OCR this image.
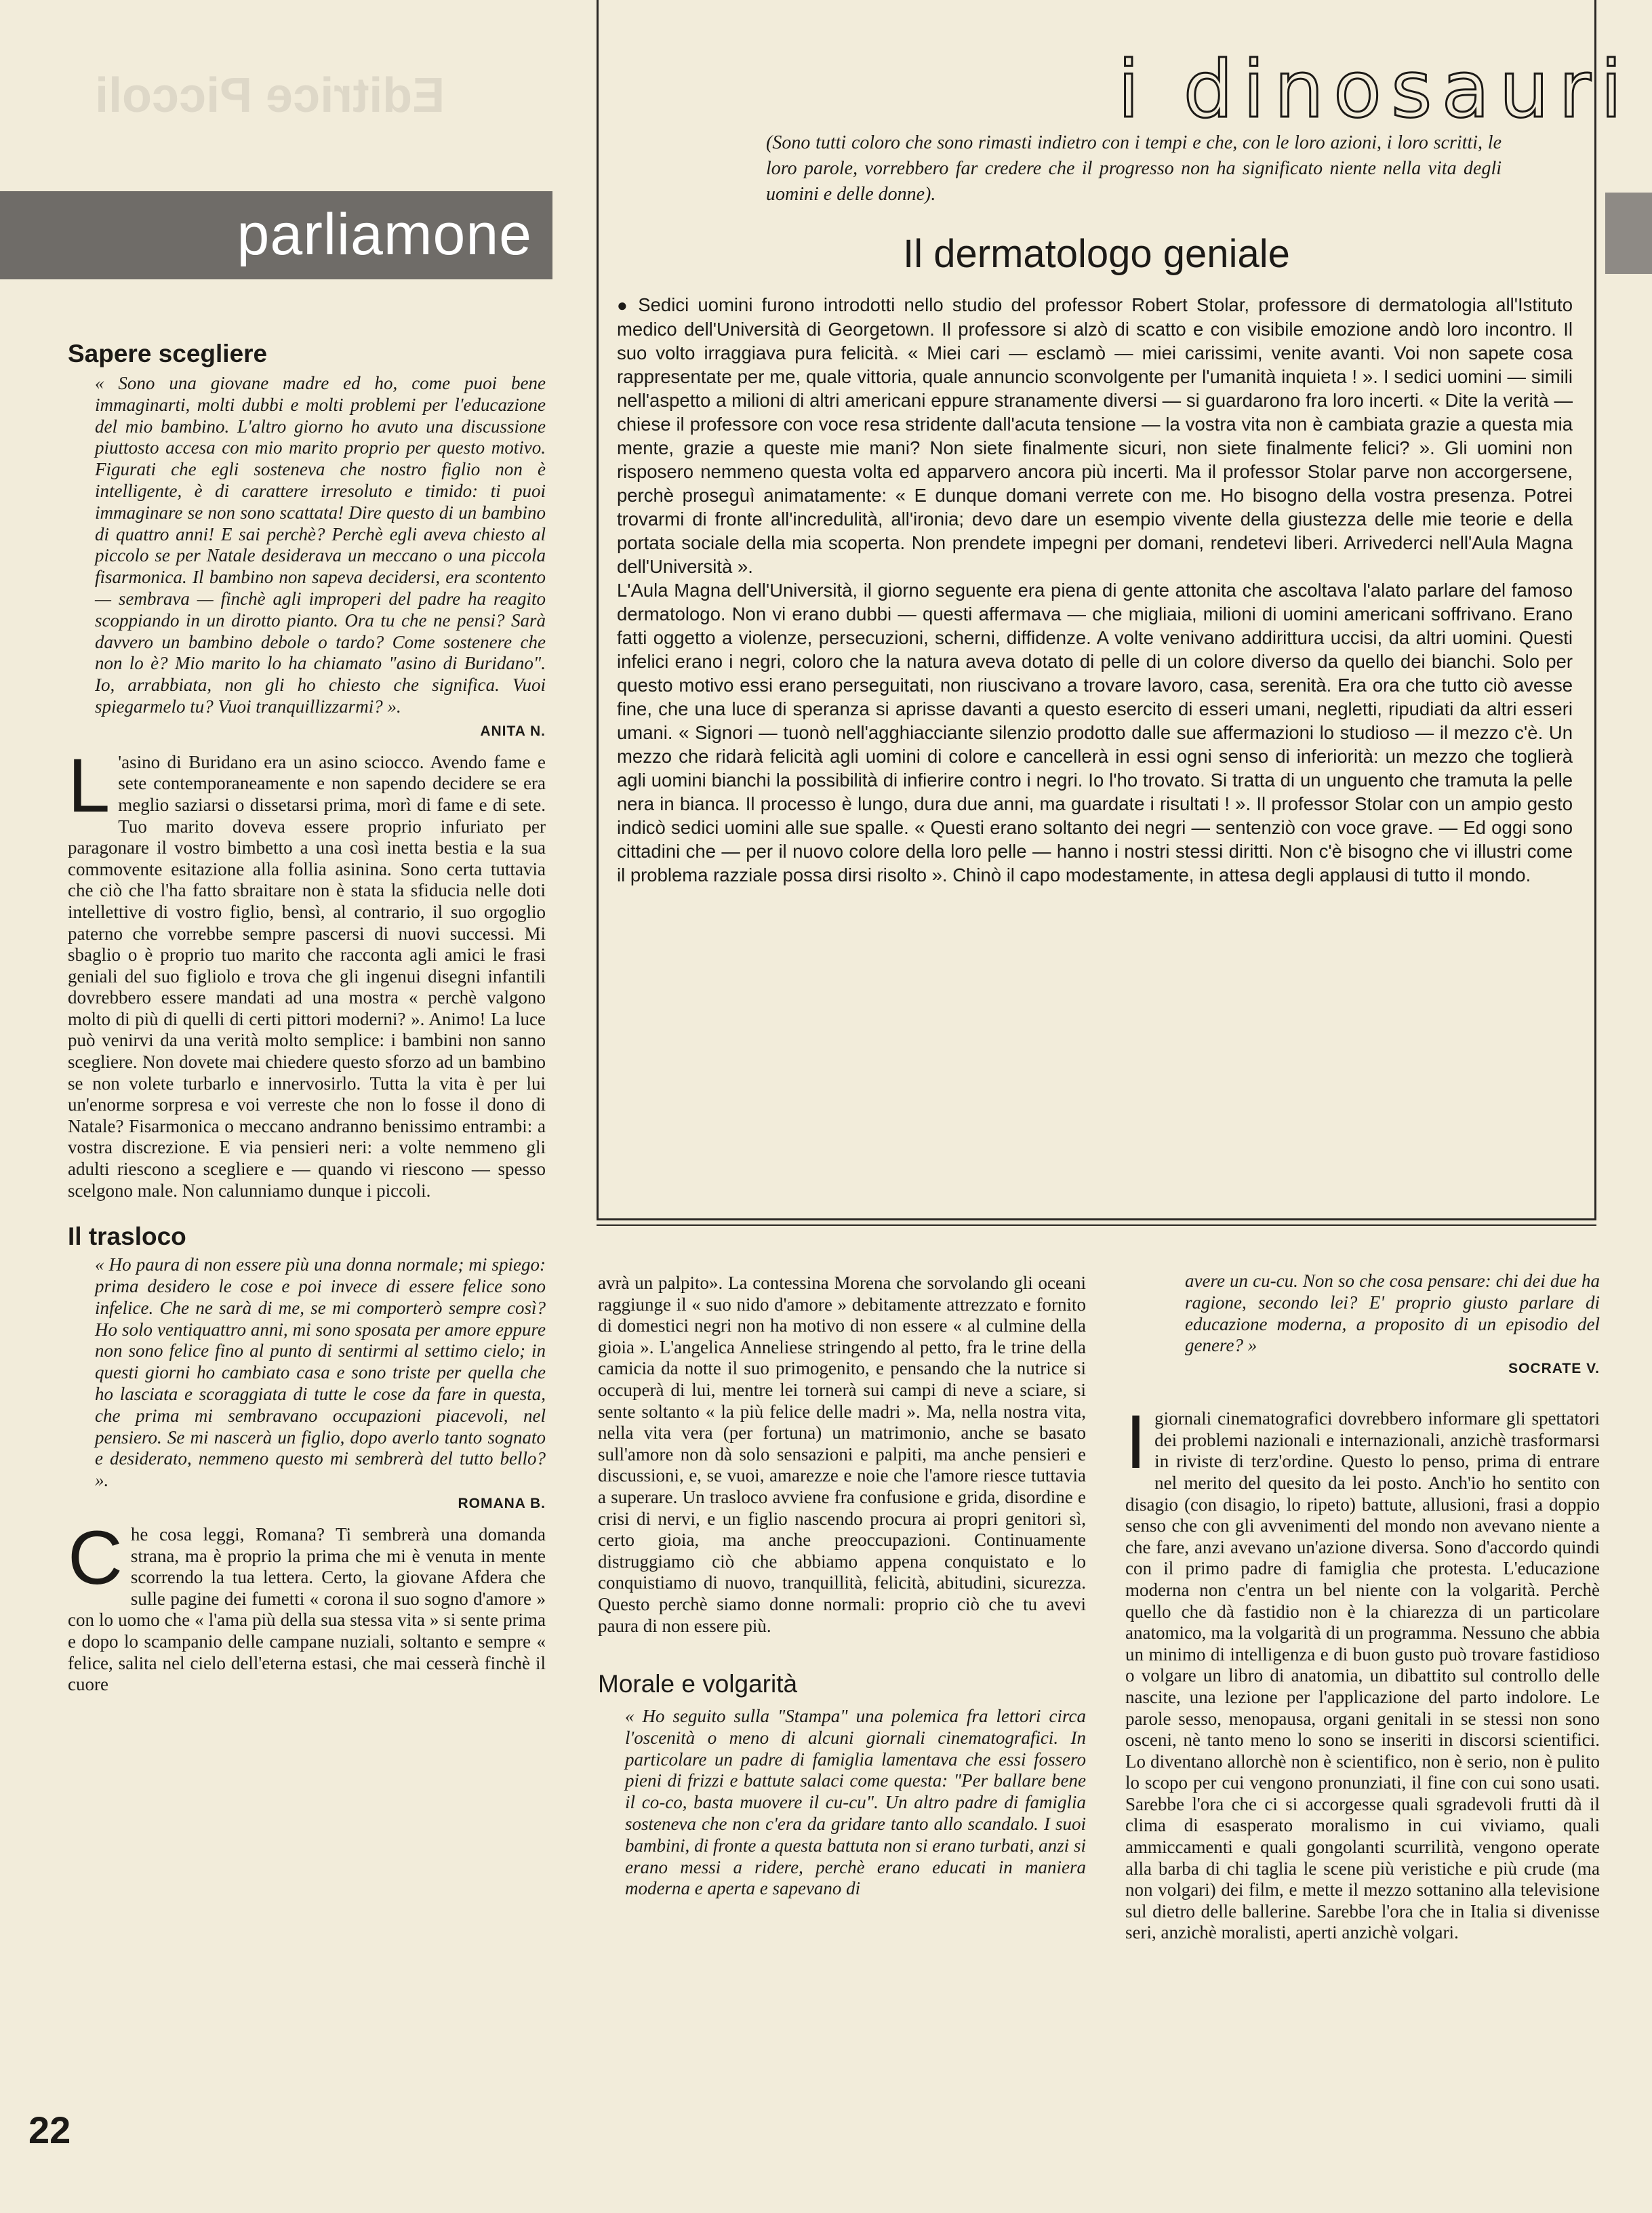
Editrice Piccoli
parliamone
Sapere scegliere

« Sono una giovane madre ed ho, come puoi bene immaginarti, molti dubbi e molti problemi per l'educazione del mio bambino. L'altro giorno ho avuto una discussione piuttosto accesa con mio marito proprio per questo motivo. Figurati che egli sosteneva che nostro figlio non è intelligente, è di carattere irresoluto e timido: ti puoi immaginare se non sono scattata! Dire questo di un bambino di quattro anni! E sai perchè? Perchè egli aveva chiesto al piccolo se per Natale desiderava un meccano o una piccola fisarmonica. Il bambino non sapeva decidersi, era scontento — sembrava — finchè agli improperi del padre ha reagito scoppiando in un dirotto pianto. Ora tu che ne pensi? Sarà davvero un bambino debole o tardo? Come sostenere che non lo è? Mio marito lo ha chiamato "asino di Buridano". Io, arrabbiata, non gli ho chiesto che significa. Vuoi spiegarmelo tu? Vuoi tranquillizzarmi? ».

ANITA N.
L 'asino di Buridano era un asino sciocco. Avendo fame e sete contemporaneamente e non sapendo decidere se era meglio saziarsi o dissetarsi prima, morì di fame e di sete. Tuo marito doveva essere proprio infuriato per paragonare il vostro bimbetto a una così inetta bestia e la sua commovente esitazione alla follia asinina. Sono certa tuttavia che ciò che l'ha fatto sbraitare non è stata la sfiducia nelle doti intellettive di vostro figlio, bensì, al contrario, il suo orgoglio paterno che vorrebbe sempre pascersi di nuovi successi. Mi sbaglio o è proprio tuo marito che racconta agli amici le frasi geniali del suo figliolo e trova che gli ingenui disegni infantili dovrebbero essere mandati ad una mostra « perchè valgono molto di più di quelli di certi pittori moderni? ». Animo! La luce può venirvi da una verità molto semplice: i bambini non sanno scegliere. Non dovete mai chiedere questo sforzo ad un bambino se non volete turbarlo e innervosirlo. Tutta la vita è per lui un'enorme sorpresa e voi verreste che non lo fosse il dono di Natale? Fisarmonica o meccano andranno benissimo entrambi: a vostra discrezione. E via pensieri neri: a volte nemmeno gli adulti riescono a scegliere e — quando vi riescono — spesso scelgono male. Non calunniamo dunque i piccoli.

Il trasloco

« Ho paura di non essere più una donna normale; mi spiego: prima desidero le cose e poi invece di essere felice sono infelice. Che ne sarà di me, se mi comporterò sempre così? Ho solo ventiquattro anni, mi sono sposata per amore eppure non sono felice fino al punto di sentirmi al settimo cielo; in questi giorni ho cambiato casa e sono triste per quella che ho lasciata e scoraggiata di tutte le cose da fare in questa, che prima mi sembravano occupazioni piacevoli, nel pensiero. Se mi nascerà un figlio, dopo averlo tanto sognato e desiderato, nemmeno questo mi sembrerà del tutto bello? ».

ROMANA B.
C he cosa leggi, Romana? Ti sembrerà una domanda strana, ma è proprio la prima che mi è venuta in mente scorrendo la tua lettera. Certo, la giovane Afdera che sulle pagine dei fumetti « corona il suo sogno d'amore » con lo uomo che « l'ama più della sua stessa vita » si sente prima e dopo lo scampanio delle campane nuziali, soltanto e sempre « felice, salita nel cielo dell'eterna estasi, che mai cesserà finchè il cuore

i dinosauri
(Sono tutti coloro che sono rimasti indietro con i tempi e che, con le loro azioni, i loro scritti, le loro parole, vorrebbero far credere che il progresso non ha significato niente nella vita degli uomini e delle donne).
Il dermatologo geniale

● Sedici uomini furono introdotti nello studio del professor Robert Stolar, professore di dermatologia all'Istituto medico dell'Università di Georgetown. Il professore si alzò di scatto e con visibile emozione andò loro incontro. Il suo volto irraggiava pura felicità. « Miei cari — esclamò — miei carissimi, venite avanti. Voi non sapete cosa rappresentate per me, quale vittoria, quale annuncio sconvolgente per l'umanità inquieta ! ». I sedici uomini — simili nell'aspetto a milioni di altri americani eppure stranamente diversi — si guardarono fra loro incerti. « Dite la verità — chiese il professore con voce resa stridente dall'acuta tensione — la vostra vita non è cambiata grazie a questa mia mente, grazie a queste mie mani? Non siete finalmente sicuri, non siete finalmente felici? ». Gli uomini non risposero nemmeno questa volta ed apparvero ancora più incerti. Ma il professor Stolar parve non accorgersene, perchè proseguì animatamente: « E dunque domani verrete con me. Ho bisogno della vostra presenza. Potrei trovarmi di fronte all'incredulità, all'ironia; devo dare un esempio vivente della giustezza delle mie teorie e della portata sociale della mia scoperta. Non prendete impegni per domani, rendetevi liberi. Arrivederci nell'Aula Magna dell'Università ».

L'Aula Magna dell'Università, il giorno seguente era piena di gente attonita che ascoltava l'alato parlare del famoso dermatologo. Non vi erano dubbi — questi affermava — che migliaia, milioni di uomini americani soffrivano. Erano fatti oggetto a violenze, persecuzioni, scherni, diffidenze. A volte venivano addirittura uccisi, da altri uomini. Questi infelici erano i negri, coloro che la natura aveva dotato di pelle di un colore diverso da quello dei bianchi. Solo per questo motivo essi erano perseguitati, non riuscivano a trovare lavoro, casa, serenità. Era ora che tutto ciò avesse fine, che una luce di speranza si aprisse davanti a questo esercito di esseri umani, negletti, ripudiati da altri esseri umani. « Signori — tuonò nell'agghiacciante silenzio prodotto dalle sue affermazioni lo studioso — il mezzo c'è. Un mezzo che ridarà felicità agli uomini di colore e cancellerà in essi ogni senso di inferiorità: un mezzo che toglierà agli uomini bianchi la possibilità di infierire contro i negri. Io l'ho trovato. Si tratta di un unguento che tramuta la pelle nera in bianca. Il processo è lungo, dura due anni, ma guardate i risultati ! ». Il professor Stolar con un ampio gesto indicò sedici uomini alle sue spalle. « Questi erano soltanto dei negri — sentenziò con voce grave. — Ed oggi sono cittadini che — per il nuovo colore della loro pelle — hanno i nostri stessi diritti. Non c'è bisogno che vi illustri come il problema razziale possa dirsi risolto ». Chinò il capo modestamente, in attesa degli applausi di tutto il mondo.

avrà un palpito». La contessina Morena che sorvolando gli oceani raggiunge il « suo nido d'amore » debitamente attrezzato e fornito di domestici negri non ha motivo di non essere « al culmine della gioia ». L'angelica Anneliese stringendo al petto, fra le trine della camicia da notte il suo primogenito, e pensando che la nutrice si occuperà di lui, mentre lei tornerà sui campi di neve a sciare, si sente soltanto « la più felice delle madri ». Ma, nella nostra vita, nella vita vera (per fortuna) un matrimonio, anche se basato sull'amore non dà solo sensazioni e palpiti, ma anche pensieri e discussioni, e, se vuoi, amarezze e noie che l'amore riesce tuttavia a superare. Un trasloco avviene fra confusione e grida, disordine e crisi di nervi, e un figlio nascendo procura ai propri genitori sì, certo gioia, ma anche preoccupazioni. Continuamente distruggiamo ciò che abbiamo appena conquistato e lo conquistiamo di nuovo, tranquillità, felicità, abitudini, sicurezza. Questo perchè siamo donne normali: proprio ciò che tu avevi paura di non essere più.

Morale e volgarità

« Ho seguito sulla "Stampa" una polemica fra lettori circa l'oscenità o meno di alcuni giornali cinematografici. In particolare un padre di famiglia lamentava che essi fossero pieni di frizzi e battute salaci come questa: "Per ballare bene il co-co, basta muovere il cu-cu". Un altro padre di famiglia sosteneva che non c'era da gridare tanto allo scandalo. I suoi bambini, di fronte a questa battuta non si erano turbati, anzi si erano messi a ridere, perchè erano educati in maniera moderna e aperta e sapevano di

avere un cu-cu. Non so che cosa pensare: chi dei due ha ragione, secondo lei? E' proprio giusto parlare di educazione moderna, a proposito di un episodio del genere? »

SOCRATE V.
I giornali cinematografici dovrebbero informare gli spettatori dei problemi nazionali e internazionali, anzichè trasformarsi in riviste di terz'ordine. Questo lo penso, prima di entrare nel merito del quesito da lei posto. Anch'io ho sentito con disagio (con disagio, lo ripeto) battute, allusioni, frasi a doppio senso che con gli avvenimenti del mondo non avevano niente a che fare, anzi avevano un'azione diversa. Sono d'accordo quindi con il primo padre di famiglia che protesta. L'educazione moderna non c'entra un bel niente con la volgarità. Perchè quello che dà fastidio non è la chiarezza di un particolare anatomico, ma la volgarità di un programma. Nessuno che abbia un minimo di intelligenza e di buon gusto può trovare fastidioso o volgare un libro di anatomia, un dibattito sul controllo delle nascite, una lezione per l'applicazione del parto indolore. Le parole sesso, menopausa, organi genitali in se stessi non sono osceni, nè tanto meno lo sono se inseriti in discorsi scientifici. Lo diventano allorchè non è scientifico, non è serio, non è pulito lo scopo per cui vengono pronunziati, il fine con cui sono usati. Sarebbe l'ora che ci si accorgesse quali sgradevoli frutti dà il clima di esasperato moralismo in cui viviamo, quali ammiccamenti e quali gongolanti scurrilità, vengono operate alla barba di chi taglia le scene più veristiche e più crude (ma non volgari) dei film, e mette il mezzo sottanino alla televisione sul dietro delle ballerine. Sarebbe l'ora che in Italia si divenisse seri, anzichè moralisti, aperti anzichè volgari.

22
